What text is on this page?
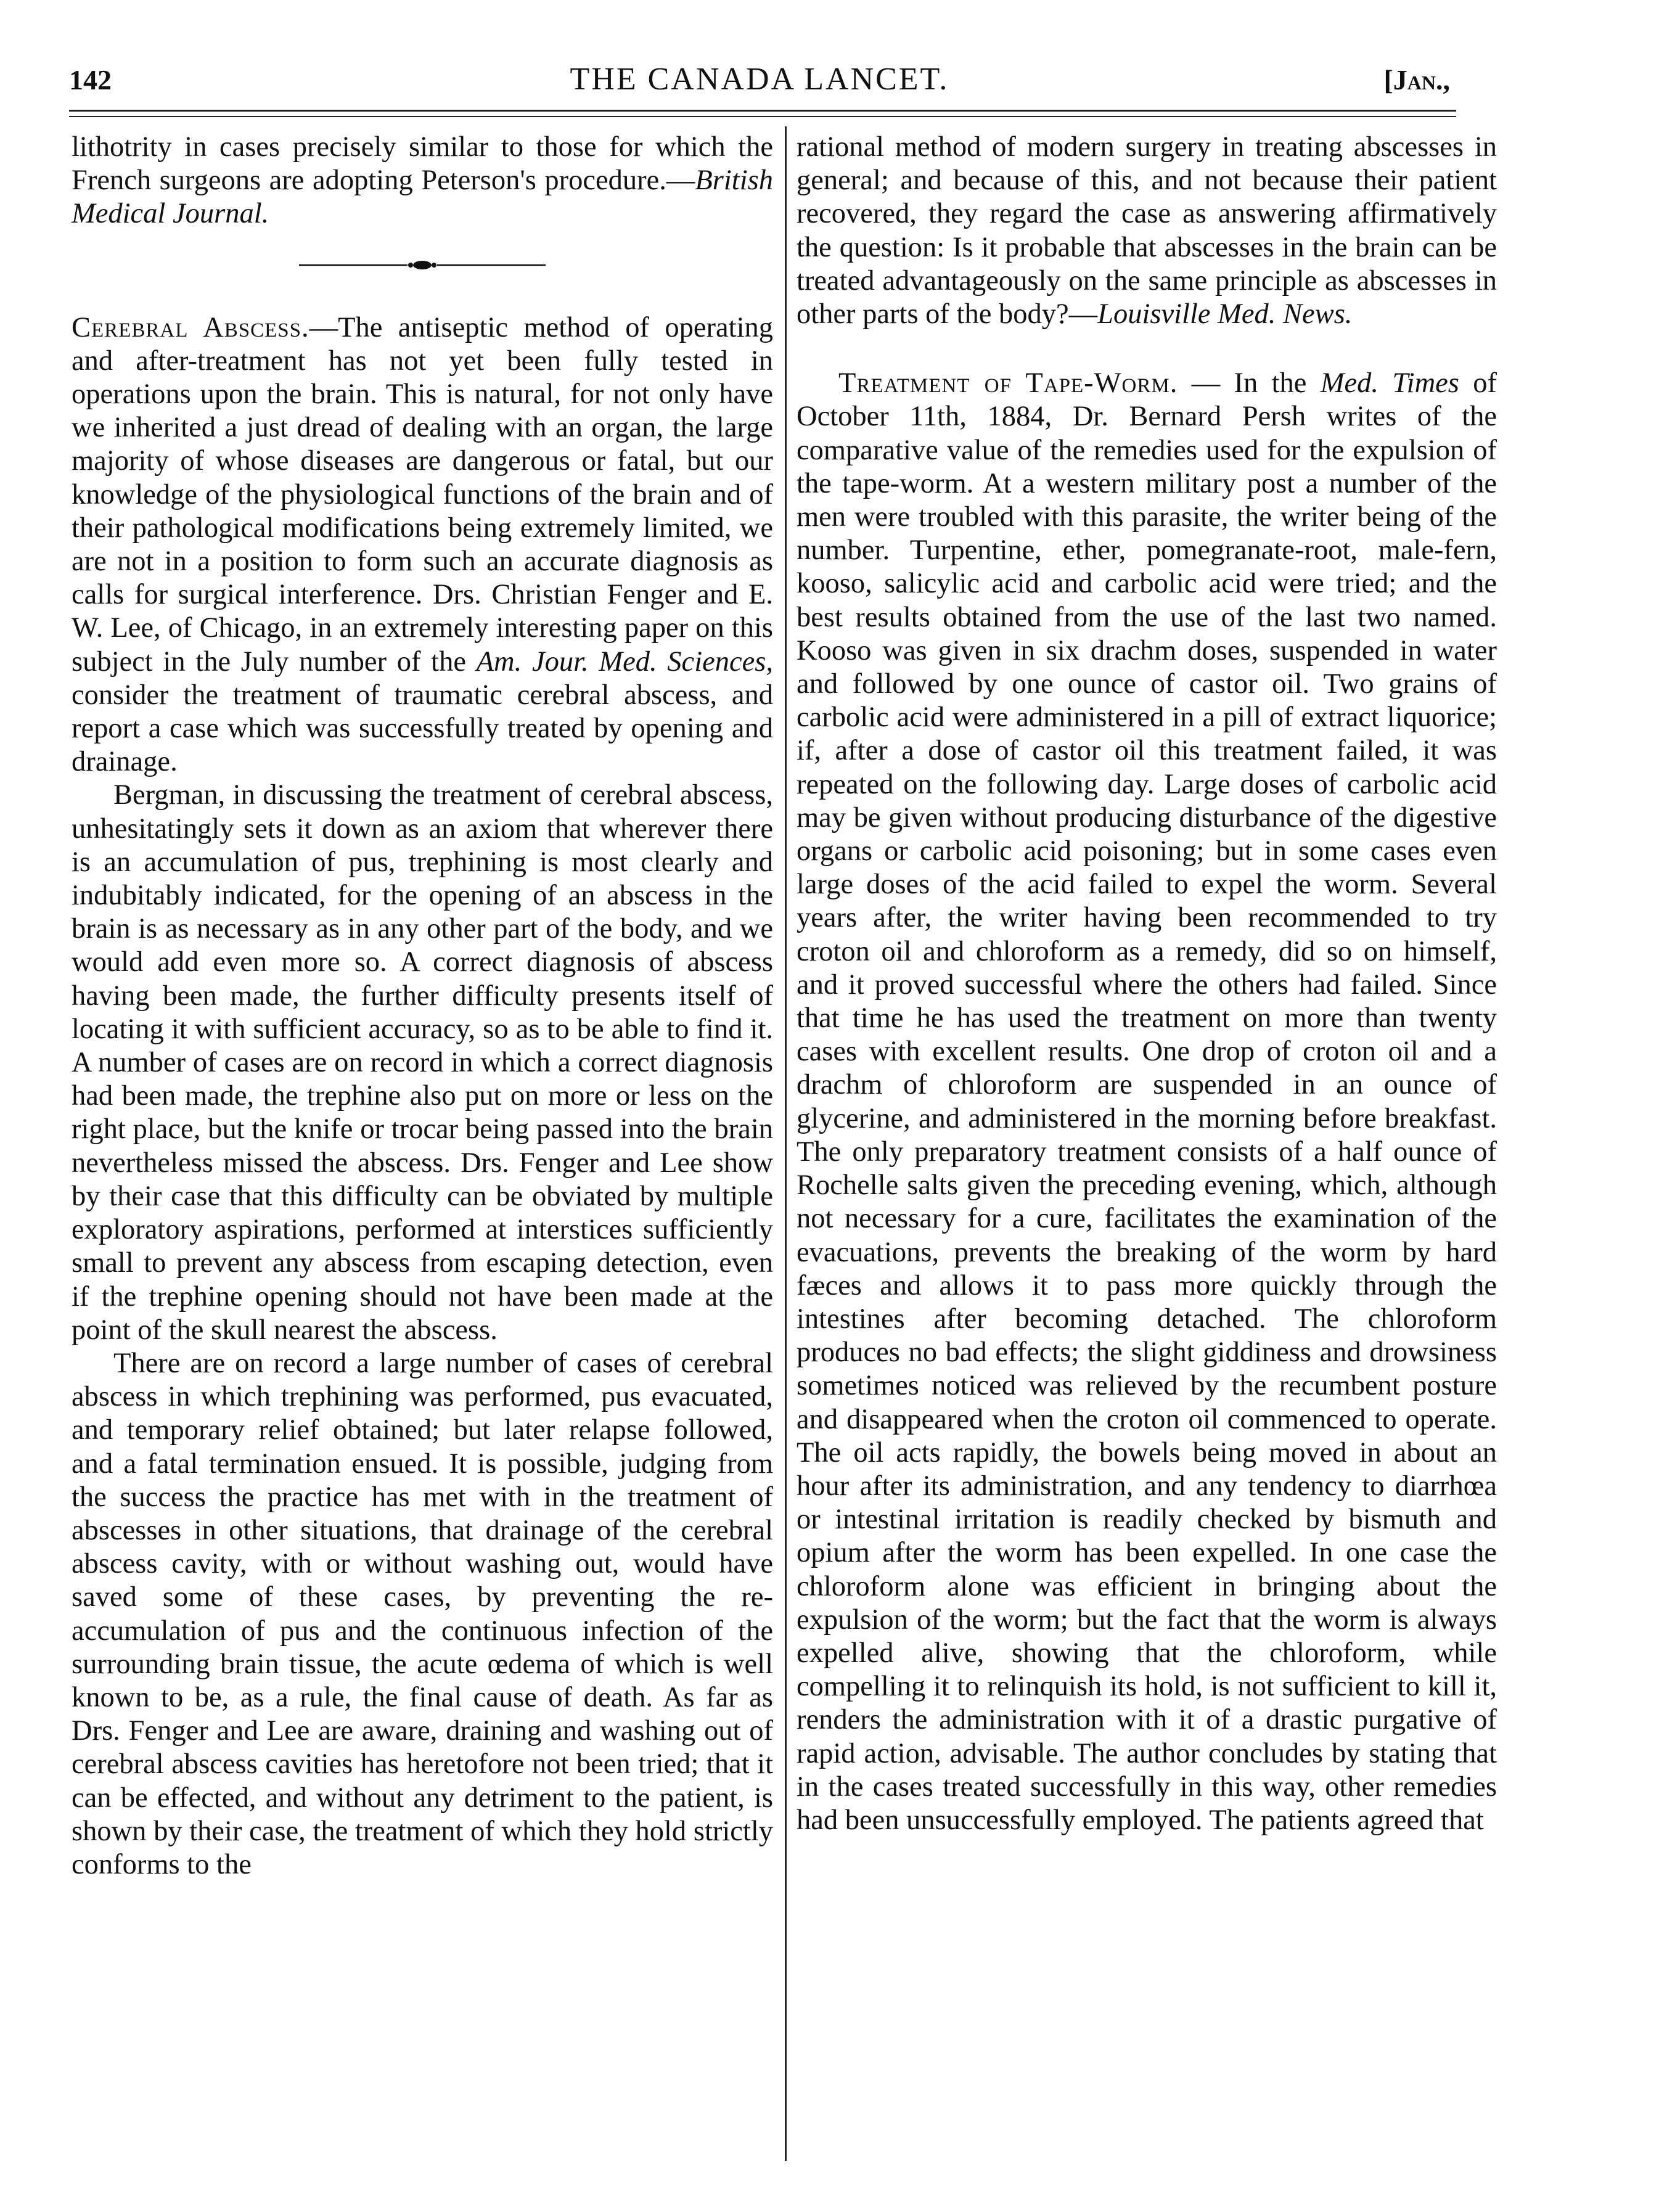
142	THE CANADA LANCET.	[Jan.,

lithotrity in cases precisely similar to those for which the French surgeons are adopting Peterson's procedure.—British Medical Journal.

Cerebral Abscess.—The antiseptic method of operating and after-treatment has not yet been fully tested in operations upon the brain. This is natural, for not only have we inherited a just dread of dealing with an organ, the large majority of whose diseases are dangerous or fatal, but our knowledge of the physiological functions of the brain and of their pathological modifications being extremely limited, we are not in a position to form such an accurate diagnosis as calls for surgical interference. Drs. Christian Fenger and E. W. Lee, of Chicago, in an extremely interesting paper on this subject in the July number of the Am. Jour. Med. Sciences, consider the treatment of traumatic cerebral abscess, and report a case which was successfully treated by opening and drainage.

Bergman, in discussing the treatment of cerebral abscess, unhesitatingly sets it down as an axiom that wherever there is an accumulation of pus, trephining is most clearly and indubitably indicated, for the opening of an abscess in the brain is as necessary as in any other part of the body, and we would add even more so. A correct diagnosis of abscess having been made, the further difficulty presents itself of locating it with sufficient accuracy, so as to be able to find it. A number of cases are on record in which a correct diagnosis had been made, the trephine also put on more or less on the right place, but the knife or trocar being passed into the brain nevertheless missed the abscess. Drs. Fenger and Lee show by their case that this difficulty can be obviated by multiple exploratory aspirations, performed at interstices sufficiently small to prevent any abscess from escaping detection, even if the trephine opening should not have been made at the point of the skull nearest the abscess.

There are on record a large number of cases of cerebral abscess in which trephining was performed, pus evacuated, and temporary relief obtained; but later relapse followed, and a fatal termination ensued. It is possible, judging from the success the practice has met with in the treatment of abscesses in other situations, that drainage of the cerebral abscess cavity, with or without washing out, would have saved some of these cases, by preventing the re-accumulation of pus and the continuous infection of the surrounding brain tissue, the acute œdema of which is well known to be, as a rule, the final cause of death. As far as Drs. Fenger and Lee are aware, draining and washing out of cerebral abscess cavities has heretofore not been tried; that it can be effected, and without any detriment to the patient, is shown by their case, the treatment of which they hold strictly conforms to the

rational method of modern surgery in treating abscesses in general; and because of this, and not because their patient recovered, they regard the case as answering affirmatively the question: Is it probable that abscesses in the brain can be treated advantageously on the same principle as abscesses in other parts of the body?—Louisville Med. News.

Treatment of Tape-Worm. — In the Med. Times of October 11th, 1884, Dr. Bernard Persh writes of the comparative value of the remedies used for the expulsion of the tape-worm. At a western military post a number of the men were troubled with this parasite, the writer being of the number. Turpentine, ether, pomegranate-root, male-fern, kooso, salicylic acid and carbolic acid were tried; and the best results obtained from the use of the last two named. Kooso was given in six drachm doses, suspended in water and followed by one ounce of castor oil. Two grains of carbolic acid were administered in a pill of extract liquorice; if, after a dose of castor oil this treatment failed, it was repeated on the following day. Large doses of carbolic acid may be given without producing disturbance of the digestive organs or carbolic acid poisoning; but in some cases even large doses of the acid failed to expel the worm. Several years after, the writer having been recommended to try croton oil and chloroform as a remedy, did so on himself, and it proved successful where the others had failed. Since that time he has used the treatment on more than twenty cases with excellent results. One drop of croton oil and a drachm of chloroform are suspended in an ounce of glycerine, and administered in the morning before breakfast. The only preparatory treatment consists of a half ounce of Rochelle salts given the preceding evening, which, although not necessary for a cure, facilitates the examination of the evacuations, prevents the breaking of the worm by hard fæces and allows it to pass more quickly through the intestines after becoming detached. The chloroform produces no bad effects; the slight giddiness and drowsiness sometimes noticed was relieved by the recumbent posture and disappeared when the croton oil commenced to operate. The oil acts rapidly, the bowels being moved in about an hour after its administration, and any tendency to diarrhœa or intestinal irritation is readily checked by bismuth and opium after the worm has been expelled. In one case the chloroform alone was efficient in bringing about the expulsion of the worm; but the fact that the worm is always expelled alive, showing that the chloroform, while compelling it to relinquish its hold, is not sufficient to kill it, renders the administration with it of a drastic purgative of rapid action, advisable. The author concludes by stating that in the cases treated successfully in this way, other remedies had been unsuccessfully employed. The patients agreed that
